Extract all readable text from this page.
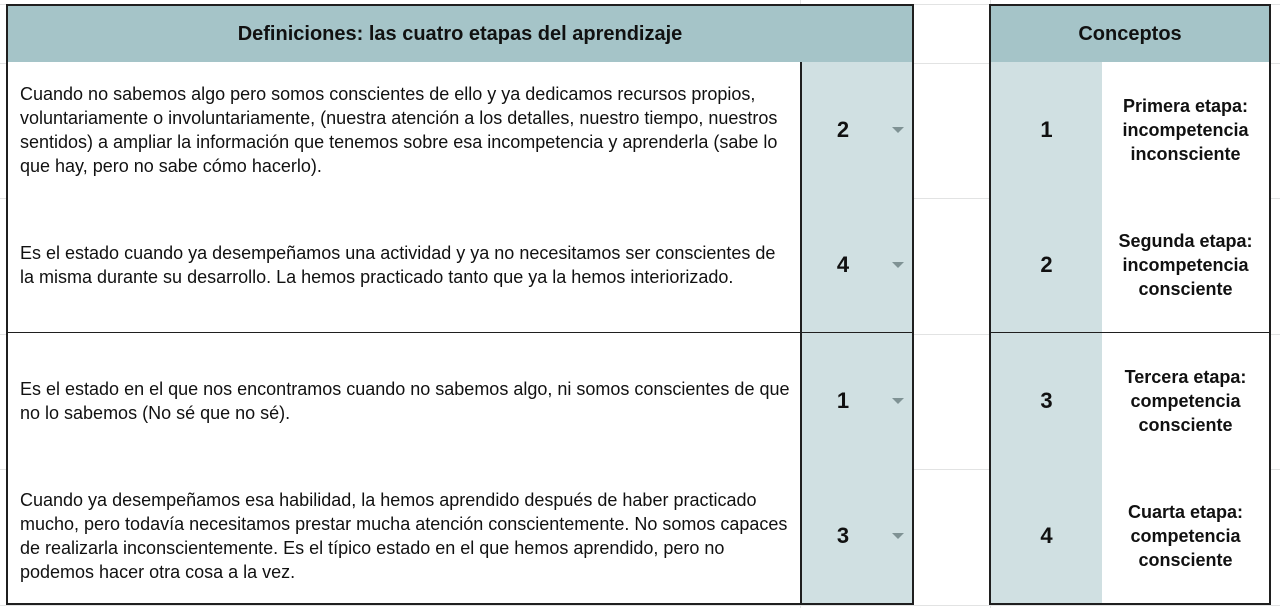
Definiciones: las cuatro etapas del aprendizaje
Cuando no sabemos algo pero somos conscientes de ello y ya dedicamos recursos propios, voluntariamente o involuntariamente, (nuestra atención a los detalles, nuestro tiempo, nuestros sentidos) a ampliar la información que tenemos sobre esa incompetencia y aprenderla (sabe lo que hay, pero no sabe cómo hacerlo).
2
Es el estado cuando ya desempeñamos una actividad y ya no necesitamos ser conscientes de la misma durante su desarrollo. La hemos practicado tanto que ya la hemos interiorizado.	4
Es el estado en el que nos encontramos cuando no sabemos algo, ni somos conscientes de que no lo sabemos (No sé que no sé).	1
Cuando ya desempeñamos esa habilidad, la hemos aprendido después de haber practicado mucho, pero todavía necesitamos prestar mucha atención conscientemente. No somos capaces de realizarla inconscientemente. Es el típico estado en el que hemos aprendido, pero no podemos hacer otra cosa a la vez.
3
Conceptos
1
Primera etapa: incompetencia inconsciente
2
Segunda etapa: incompetencia consciente
3
Tercera etapa: competencia consciente
4
Cuarta etapa: competencia consciente
